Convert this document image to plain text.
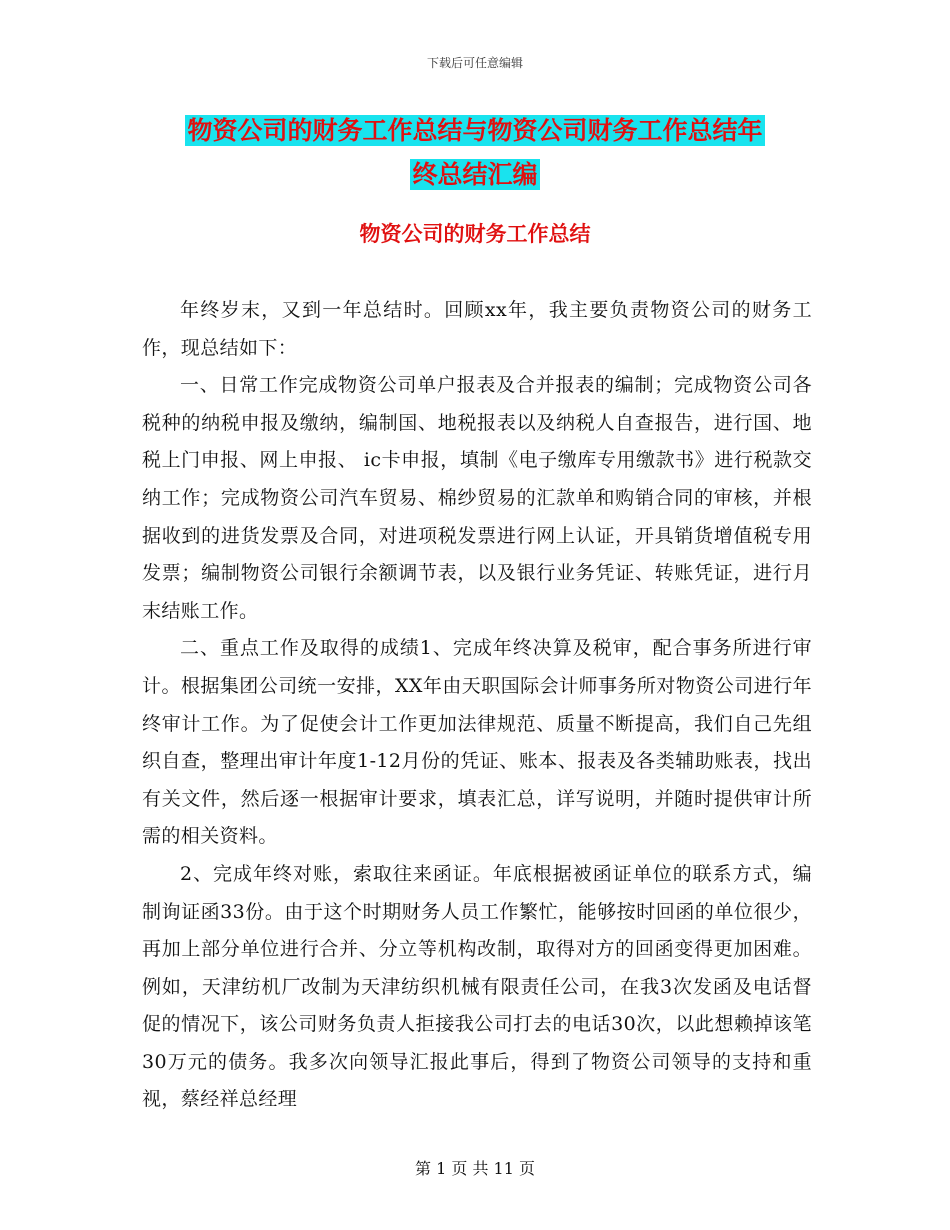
下载后可任意编辑
物资公司的财务工作总结与物资公司财务工作总结年
终总结汇编
物资公司的财务工作总结

年终岁末，又到一年总结时。回顾xx年，我主要负责物资公司的财务工作，现总结如下：

一、日常工作完成物资公司单户报表及合并报表的编制；完成物资公司各税种的纳税申报及缴纳，编制国、地税报表以及纳税人自查报告，进行国、地税上门申报、网上申报、 ic卡申报，填制《电子缴库专用缴款书》进行税款交纳工作；完成物资公司汽车贸易、棉纱贸易的汇款单和购销合同的审核，并根据收到的进货发票及合同，对进项税发票进行网上认证，开具销货增值税专用发票；编制物资公司银行余额调节表，以及银行业务凭证、转账凭证，进行月末结账工作。

二、重点工作及取得的成绩1、完成年终决算及税审，配合事务所进行审计。根据集团公司统一安排，XX年由天职国际会计师事务所对物资公司进行年终审计工作。为了促使会计工作更加法律规范、质量不断提高，我们自己先组织自查，整理出审计年度1-12月份的凭证、账本、报表及各类辅助账表，找出有关文件，然后逐一根据审计要求，填表汇总，详写说明，并随时提供审计所需的相关资料。

2、完成年终对账，索取往来函证。年底根据被函证单位的联系方式，编制询证函33份。由于这个时期财务人员工作繁忙，能够按时回函的单位很少，再加上部分单位进行合并、分立等机构改制，取得对方的回函变得更加困难。例如，天津纺机厂改制为天津纺织机械有限责任公司，在我3次发函及电话督促的情况下，该公司财务负责人拒接我公司打去的电话30次，以此想赖掉该笔30万元的债务。我多次向领导汇报此事后，得到了物资公司领导的支持和重视，蔡经祥总经理

第 1 页 共 11 页
